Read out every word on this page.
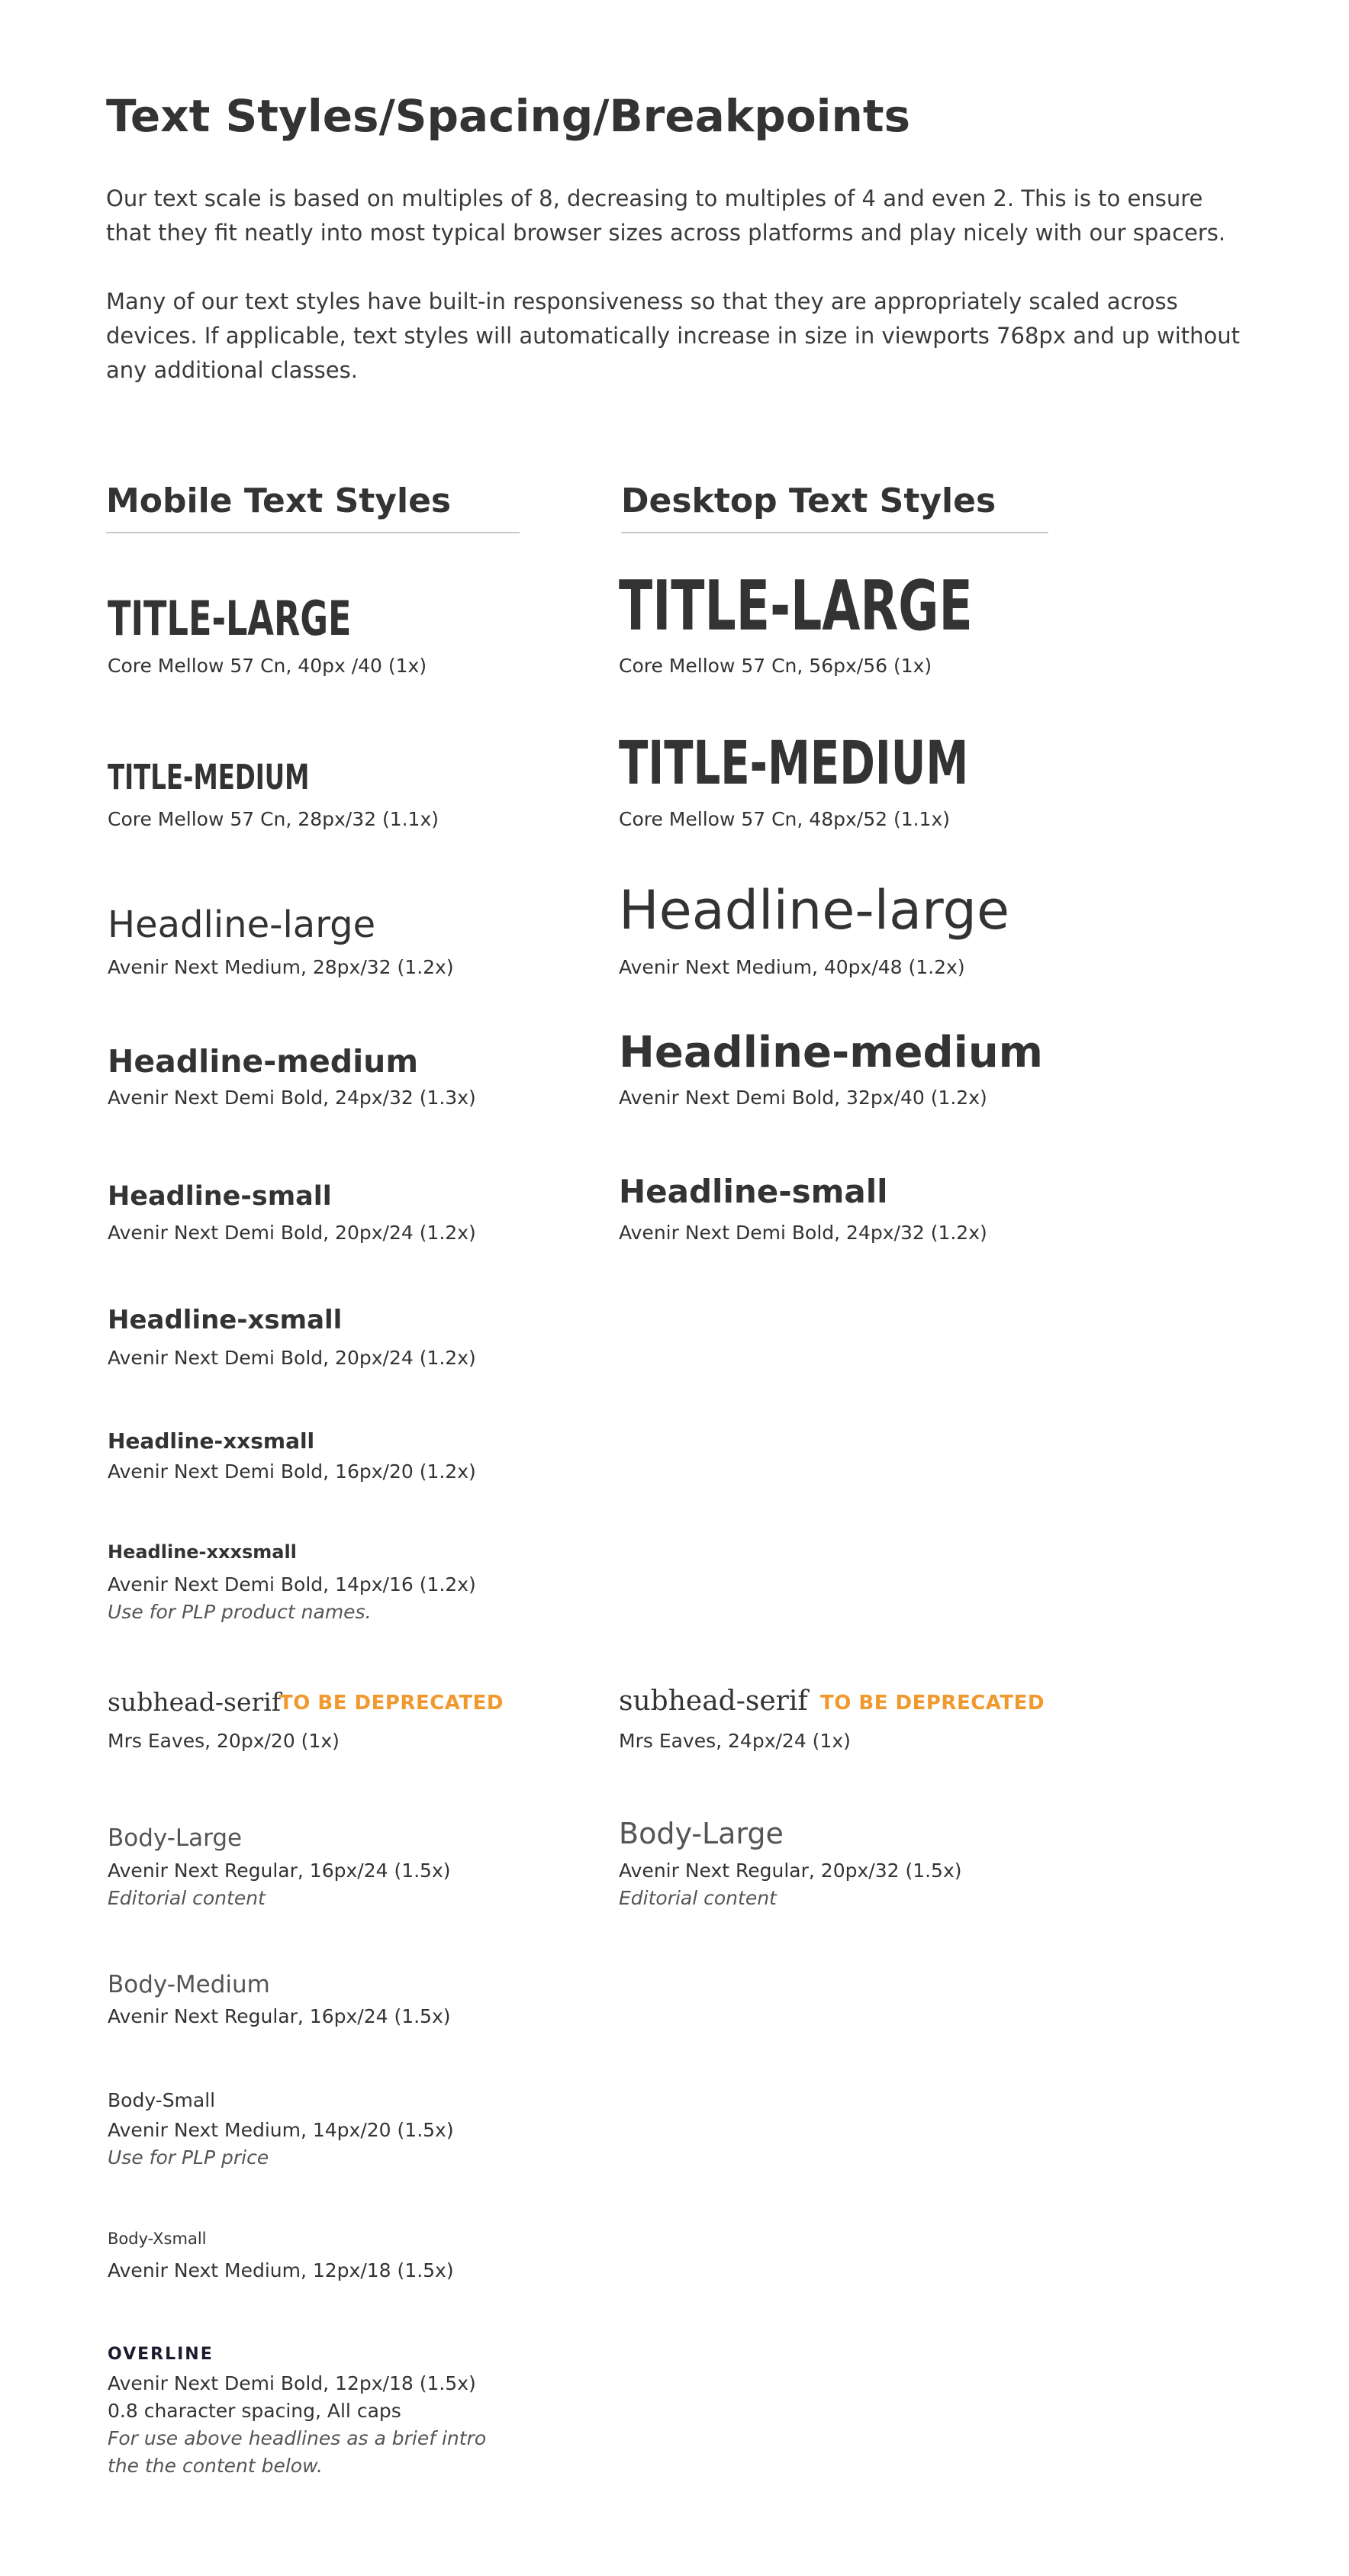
Text Styles/Spacing/Breakpoints

Our text scale is based on multiples of 8, decreasing to multiples of 4 and even 2. This is to ensure that they fit neatly into most typical browser sizes across platforms and play nicely with our spacers.

Many of our text styles have built-in responsiveness so that they are appropriately scaled across devices. If applicable, text styles will automatically increase in size in viewports 768px and up without any additional classes.

Mobile Text Styles	Desktop Text Styles
TITLE-LARGE
Core Mellow 57 Cn, 40px /40 (1x)
TITLE-MEDIUM
Core Mellow 57 Cn, 28px/32 (1.1x)
Headline-large
Avenir Next Medium, 28px/32 (1.2x)
Headline-medium
Avenir Next Demi Bold, 24px/32 (1.3x)
Headline-small
Avenir Next Demi Bold, 20px/24 (1.2x)
Headline-xsmall
Avenir Next Demi Bold, 20px/24 (1.2x)
Headline-xxsmall
Avenir Next Demi Bold, 16px/20 (1.2x)
Headline-xxxsmall
Avenir Next Demi Bold, 14px/16 (1.2x)
Use for PLP product names.
subhead-serif
TO BE DEPRECATED
Mrs Eaves, 20px/20 (1x)
Body-Large
Avenir Next Regular, 16px/24 (1.5x)
Editorial content
Body-Medium
Avenir Next Regular, 16px/24 (1.5x)
Body-Small
Avenir Next Medium, 14px/20 (1.5x)
Use for PLP price
Body-Xsmall
Avenir Next Medium, 12px/18 (1.5x)
OVERLINE
Avenir Next Demi Bold, 12px/18 (1.5x)
0.8 character spacing, All caps
For use above headlines as a brief intro
the the content below.
TITLE-LARGE
Core Mellow 57 Cn, 56px/56 (1x)
TITLE-MEDIUM
Core Mellow 57 Cn, 48px/52 (1.1x)
Headline-large
Avenir Next Medium, 40px/48 (1.2x)
Headline-medium
Avenir Next Demi Bold, 32px/40 (1.2x)
Headline-small
Avenir Next Demi Bold, 24px/32 (1.2x)
subhead-serif TO BE DEPRECATED
Mrs Eaves, 24px/24 (1x)
Body-Large
Avenir Next Regular, 20px/32 (1.5x)
Editorial content
